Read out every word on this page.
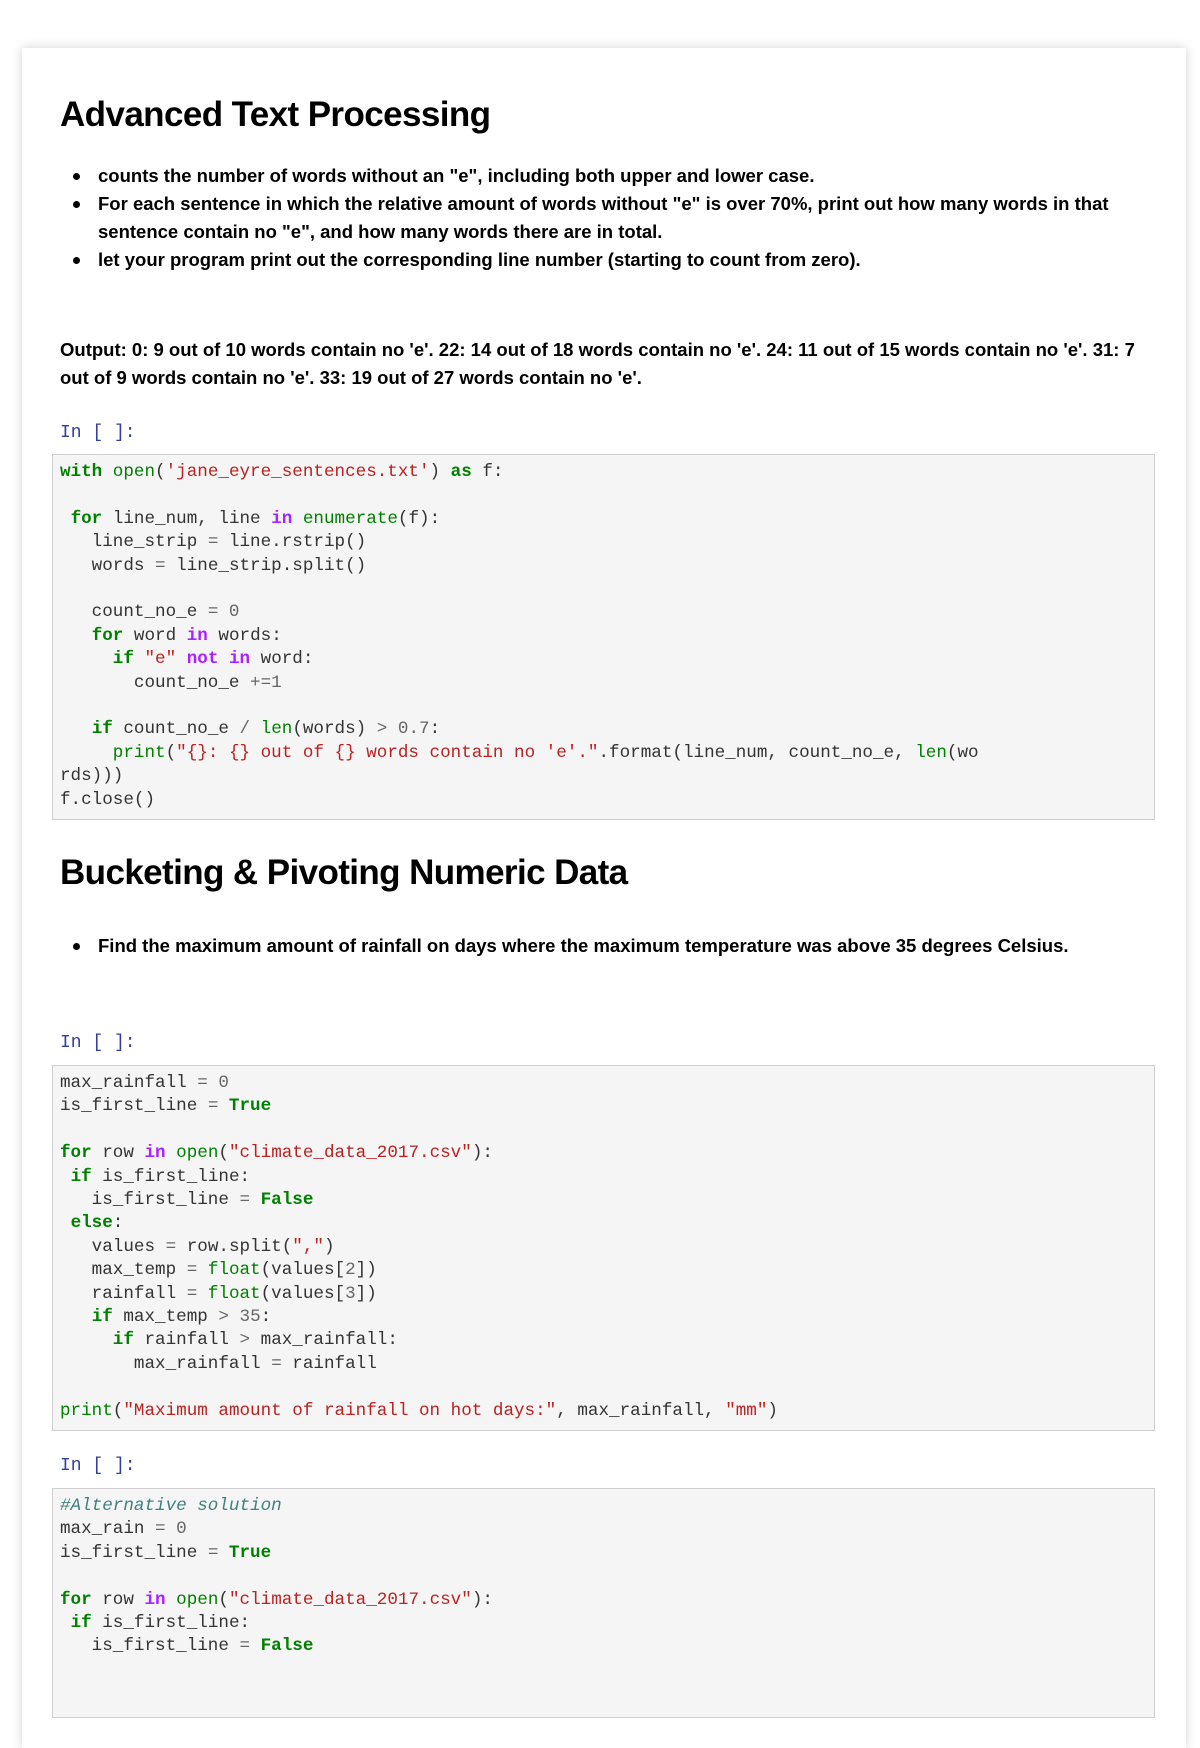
Advanced Text Processing
counts the number of words without an "e", including both upper and lower case.
For each sentence in which the relative amount of words without "e" is over 70%, print out how many words in that sentence contain no "e", and how many words there are in total.
let your program print out the corresponding line number (starting to count from zero).

Output: 0: 9 out of 10 words contain no 'e'. 22: 14 out of 18 words contain no 'e'. 24: 11 out of 15 words contain no 'e'. 31: 7 out of 9 words contain no 'e'. 33: 19 out of 27 words contain no 'e'.

In [ ]:
with open('jane_eyre_sentences.txt') as f:

for line_num, line in enumerate(f):
line_strip = line.rstrip()
words = line_strip.split()

count_no_e = 0
for word in words:
if "e" not in word:
count_no_e +=1

if count_no_e / len(words) > 0.7:
print("{}: {} out of {} words contain no 'e'.".format(line_num, count_no_e, len(wo
rds)))
f.close()
Bucketing & Pivoting Numeric Data
Find the maximum amount of rainfall on days where the maximum temperature was above 35 degrees Celsius.
In [ ]:
max_rainfall = 0
is_first_line = True

for row in open("climate_data_2017.csv"):
if is_first_line:
is_first_line = False
else:
values = row.split(",")
max_temp = float(values[2])
rainfall = float(values[3])
if max_temp > 35:
if rainfall > max_rainfall:
max_rainfall = rainfall

print("Maximum amount of rainfall on hot days:", max_rainfall, "mm")
In [ ]:
#Alternative solution
max_rain = 0
is_first_line = True

for row in open("climate_data_2017.csv"):
if is_first_line:
is_first_line = False
